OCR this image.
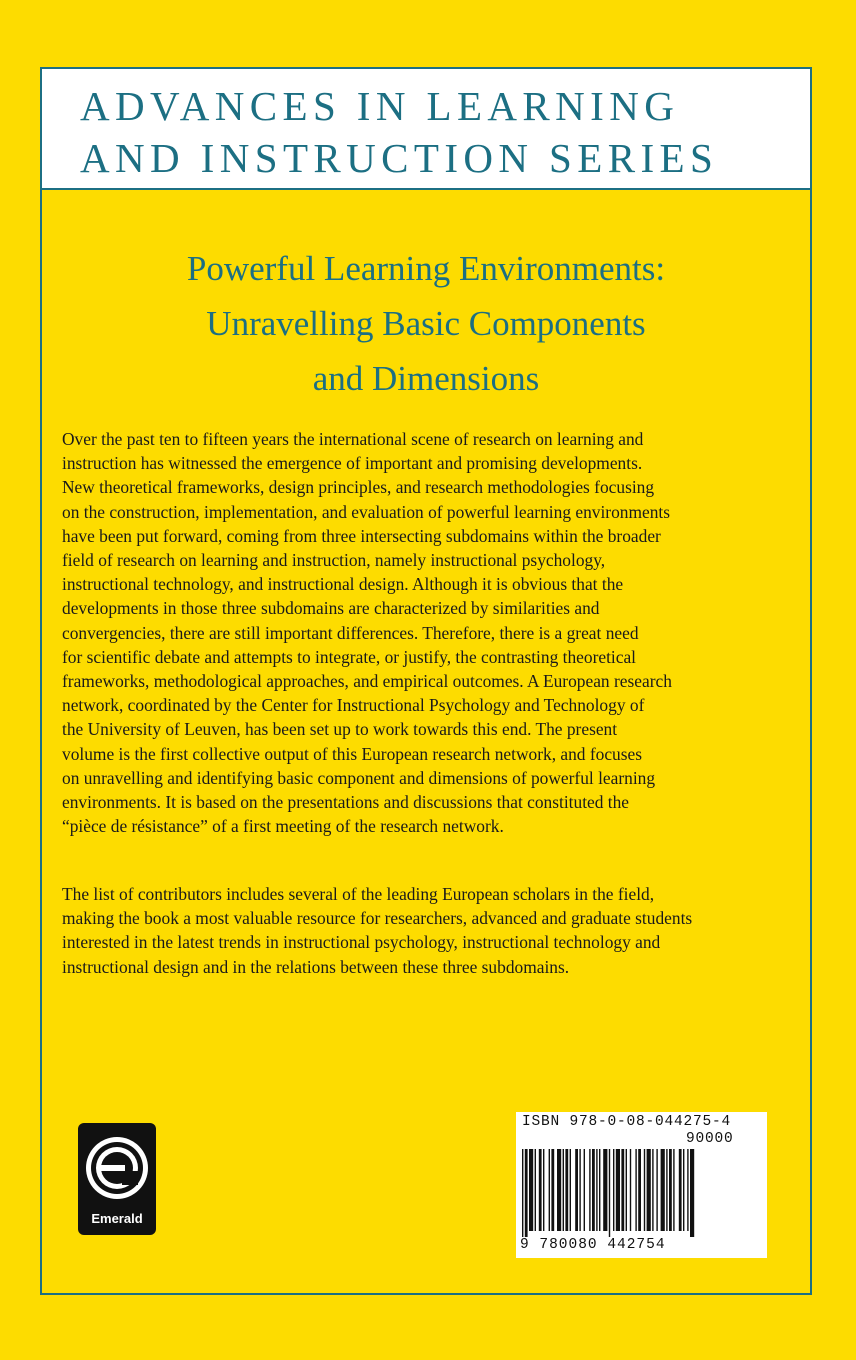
ADVANCES IN LEARNING
AND INSTRUCTION SERIES
Powerful Learning Environments:
Unravelling Basic Components
and Dimensions
Over the past ten to fifteen years the international scene of research on learning and
instruction has witnessed the emergence of important and promising developments.
New theoretical frameworks, design principles, and research methodologies focusing
on the construction, implementation, and evaluation of powerful learning environments
have been put forward, coming from three intersecting subdomains within the broader
field of research on learning and instruction, namely instructional psychology,
instructional technology, and instructional design. Although it is obvious that the
developments in those three subdomains are characterized by similarities and
convergencies, there are still important differences. Therefore, there is a great need
for scientific debate and attempts to integrate, or justify, the contrasting theoretical
frameworks, methodological approaches, and empirical outcomes. A European research
network, coordinated by the Center for Instructional Psychology and Technology of
the University of Leuven, has been set up to work towards this end. The present
volume is the first collective output of this European research network, and focuses
on unravelling and identifying basic component and dimensions of powerful learning
environments. It is based on the presentations and discussions that constituted the
“pièce de résistance” of a first meeting of the research network.
The list of contributors includes several of the leading European scholars in the field,
making the book a most valuable resource for researchers, advanced and graduate students
interested in the latest trends in instructional psychology, instructional technology and
instructional design and in the relations between these three subdomains.
Emerald
ISBN 978-0-08-044275-4
90000
9 780080 442754
